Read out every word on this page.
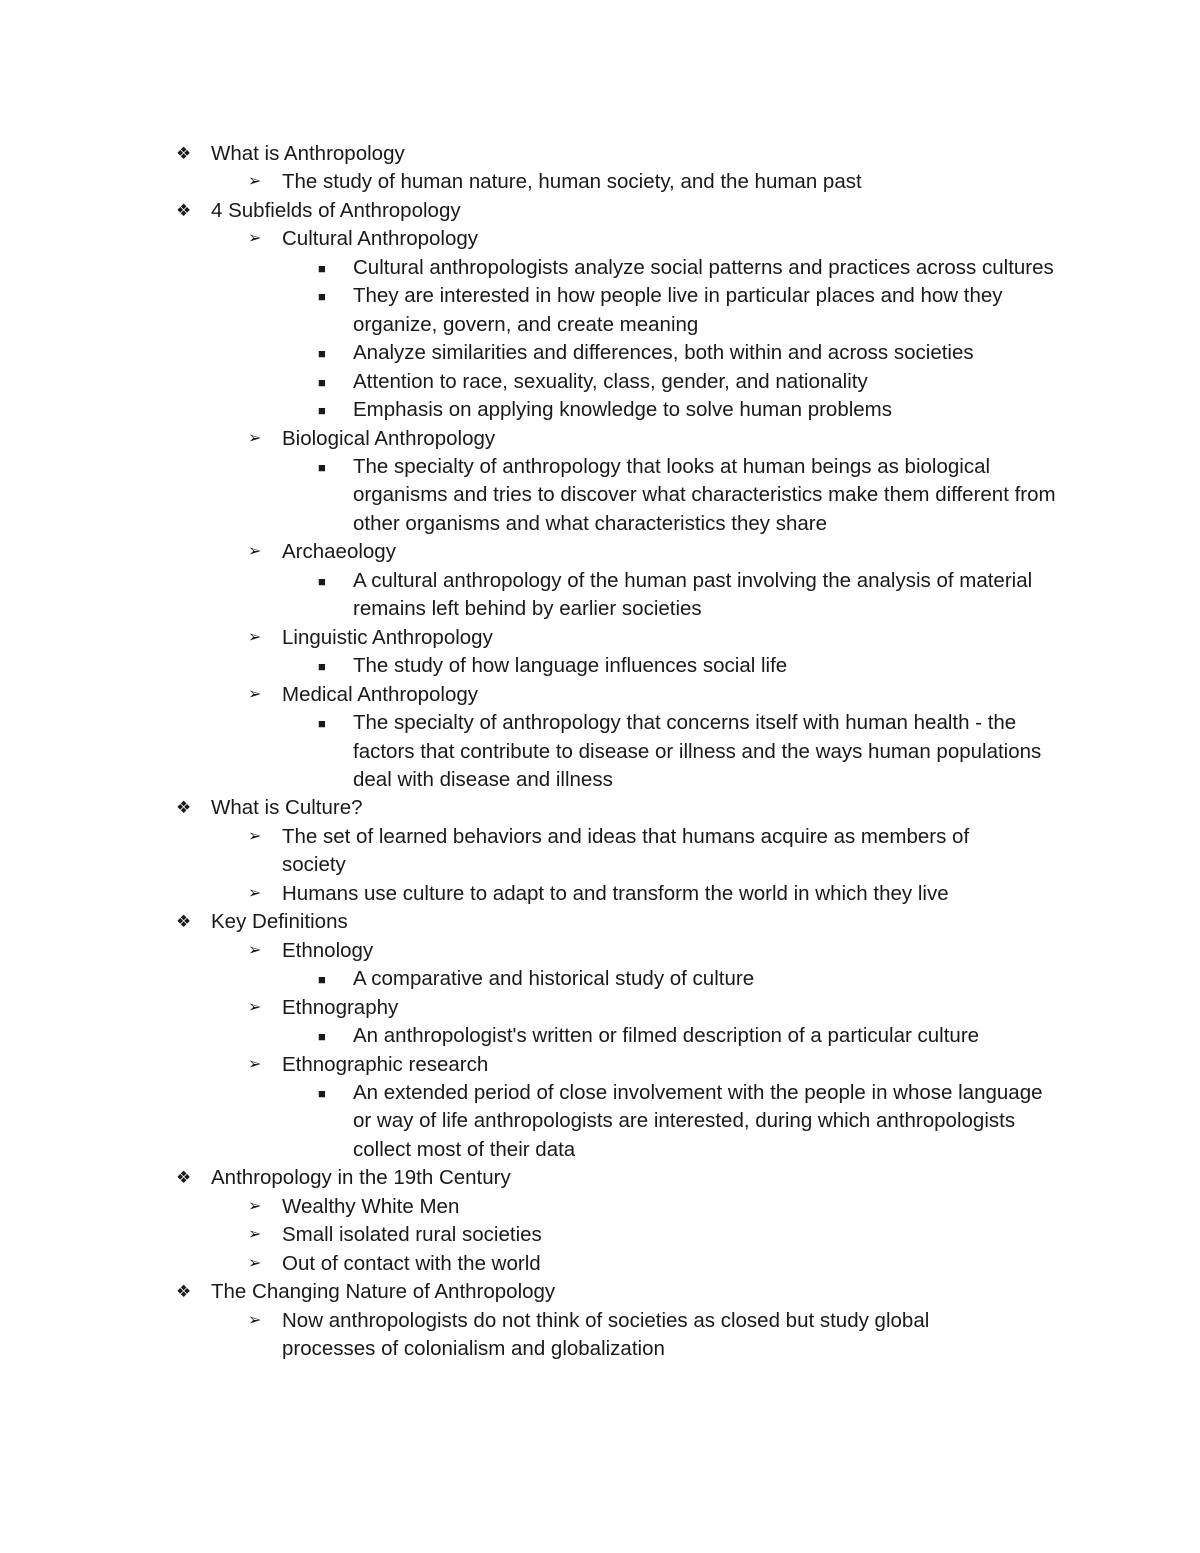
❖ What is Anthropology
➢ The study of human nature, human society, and the human past
❖ 4 Subfields of Anthropology
➢ Cultural Anthropology
■ Cultural anthropologists analyze social patterns and practices across cultures
■ They are interested in how people live in particular places and how they organize, govern, and create meaning
■ Analyze similarities and differences, both within and across societies
■ Attention to race, sexuality, class, gender, and nationality
■ Emphasis on applying knowledge to solve human problems
➢ Biological Anthropology
■ The specialty of anthropology that looks at human beings as biological organisms and tries to discover what characteristics make them different from other organisms and what characteristics they share
➢ Archaeology
■ A cultural anthropology of the human past involving the analysis of material remains left behind by earlier societies
➢ Linguistic Anthropology
■ The study of how language influences social life
➢ Medical Anthropology
■ The specialty of anthropology that concerns itself with human health - the factors that contribute to disease or illness and the ways human populations deal with disease and illness
❖ What is Culture?
➢ The set of learned behaviors and ideas that humans acquire as members of society
➢ Humans use culture to adapt to and transform the world in which they live
❖ Key Definitions
➢ Ethnology
■ A comparative and historical study of culture
➢ Ethnography
■ An anthropologist's written or filmed description of a particular culture
➢ Ethnographic research
■ An extended period of close involvement with the people in whose language or way of life anthropologists are interested, during which anthropologists collect most of their data
❖ Anthropology in the 19th Century
➢ Wealthy White Men
➢ Small isolated rural societies
➢ Out of contact with the world
❖ The Changing Nature of Anthropology
➢ Now anthropologists do not think of societies as closed but study global processes of colonialism and globalization
